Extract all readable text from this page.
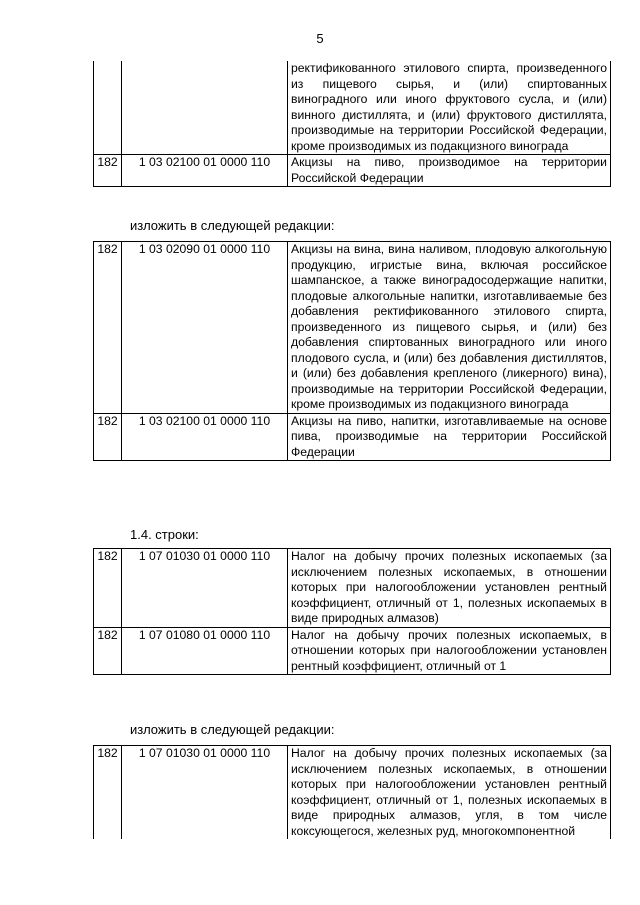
5
		ректификованного этилового спирта, произведенного из пищевого сырья, и (или) спиртованных виноградного или иного фруктового сусла, и (или) винного дистиллята, и (или) фруктового дистиллята, производимые на территории Российской Федерации, кроме производимых из подакцизного винограда
182	1 03 02100 01 0000 110	Акцизы на пиво, производимое на территории Российской Федерации
изложить в следующей редакции:
182	1 03 02090 01 0000 110	Акцизы на вина, вина наливом, плодовую алкогольную продукцию, игристые вина, включая российское шампанское, а также виноградосодержащие напитки, плодовые алкогольные напитки, изготавливаемые без добавления ректификованного этилового спирта, произведенного из пищевого сырья, и (или) без добавления спиртованных виноградного или иного плодового сусла, и (или) без добавления дистиллятов, и (или) без добавления крепленого (ликерного) вина), производимые на территории Российской Федерации, кроме производимых из подакцизного винограда
182	1 03 02100 01 0000 110	Акцизы на пиво, напитки, изготавливаемые на основе пива, производимые на территории Российской Федерации
1.4. строки:
182	1 07 01030 01 0000 110	Налог на добычу прочих полезных ископаемых (за исключением полезных ископаемых, в отношении которых при налогообложении установлен рентный коэффициент, отличный от 1, полезных ископаемых в виде природных алмазов)
182	1 07 01080 01 0000 110	Налог на добычу прочих полезных ископаемых, в отношении которых при налогообложении установлен рентный коэффициент, отличный от 1
изложить в следующей редакции:
182	1 07 01030 01 0000 110	Налог на добычу прочих полезных ископаемых (за исключением полезных ископаемых, в отношении которых при налогообложении установлен рентный коэффициент, отличный от 1, полезных ископаемых в виде природных алмазов, угля, в том числе коксующегося, железных руд, многокомпонентной
